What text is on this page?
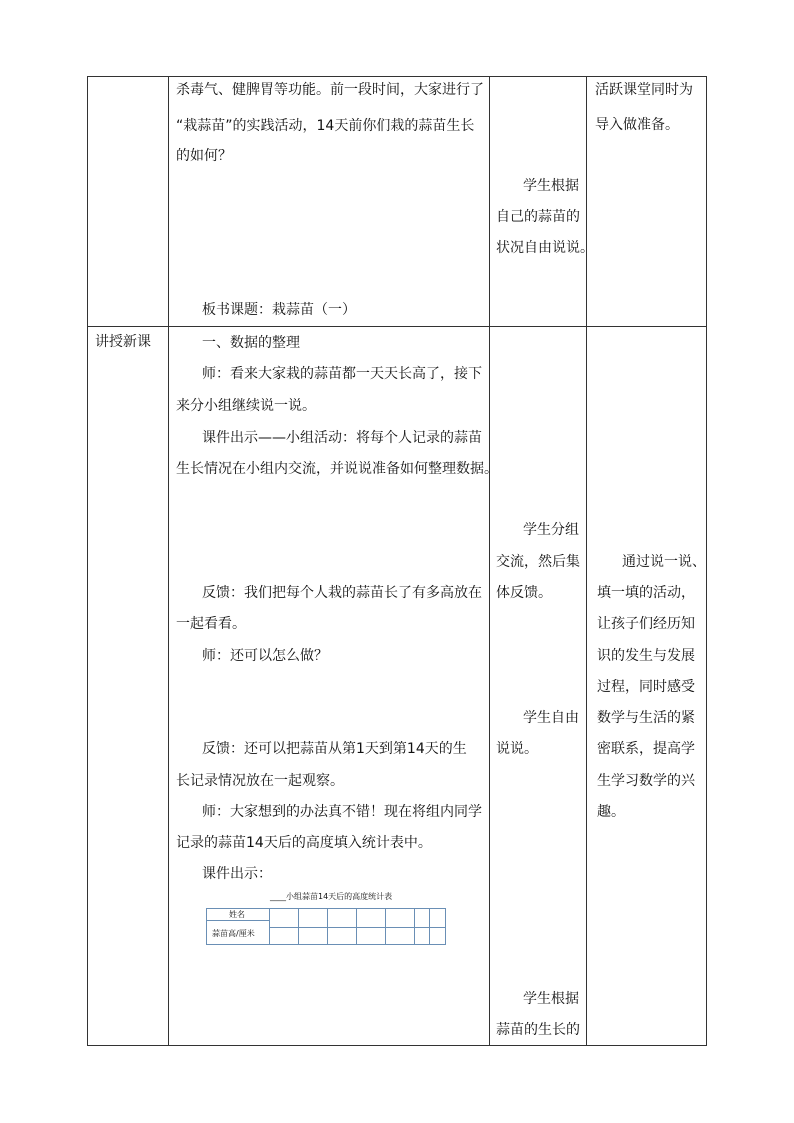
杀毒气、健脾胃等功能。前一段时间，大家进行了
“栽蒜苗”的实践活动，14天前你们栽的蒜苗生长
的如何？
板书课题：栽蒜苗（一）
学生根据
自己的蒜苗的
状况自由说说。
活跃课堂同时为
导入做准备。
讲授新课	一、数据的整理
师：看来大家栽的蒜苗都一天天长高了，接下
来分小组继续说一说。
课件出示——小组活动：将每个人记录的蒜苗
生长情况在小组内交流，并说说准备如何整理数据。
反馈：我们把每个人栽的蒜苗长了有多高放在
一起看看。
师：还可以怎么做？
反馈：还可以把蒜苗从第1天到第14天的生
长记录情况放在一起观察。
师：大家想到的办法真不错！现在将组内同学
记录的蒜苗14天后的高度填入统计表中。
课件出示：
____小组蒜苗14天后的高度统计表
姓名
蒜苗高/厘米
学生分组
交流，然后集
体反馈。
学生自由
说说。
学生根据
蒜苗的生长的
通过说一说、
填一填的活动，
让孩子们经历知
识的发生与发展
过程，同时感受
数学与生活的紧
密联系，提高学
生学习数学的兴
趣。
